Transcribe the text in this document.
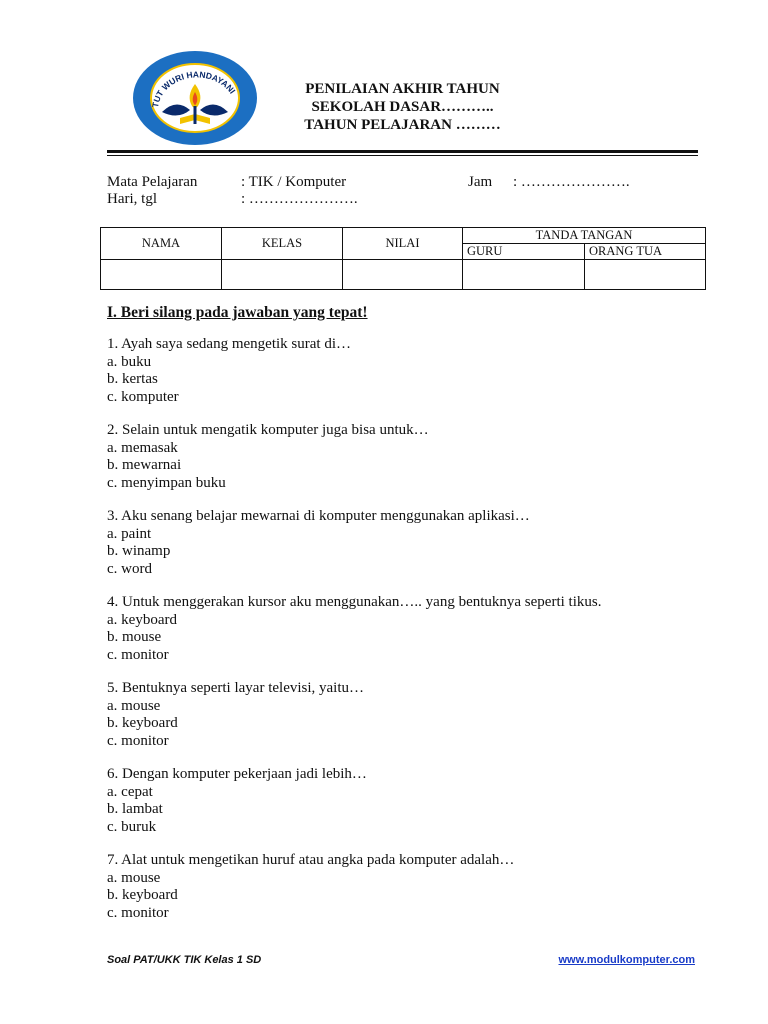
TUT WURI HANDAYANI	PENILAIAN AKHIR TAHUN
SEKOLAH DASAR………..
TAHUN PELAJARAN ………
Mata Pelajaran	: TIK / Komputer	Jam : ………………….
Hari, tgl	: ………………….
NAMA	KELAS	NILAI	TANDA TANGAN	
			GURU	ORANG TUA

I. Beri silang pada jawaban yang tepat!

1. Ayah saya sedang mengetik surat di…

a. buku

b. kertas

c. komputer

2. Selain untuk mengatik komputer juga bisa untuk…

a. memasak

b. mewarnai

c. menyimpan buku

3. Aku senang belajar mewarnai di komputer menggunakan aplikasi…

a. paint

b. winamp

c. word

4. Untuk menggerakan kursor aku menggunakan….. yang bentuknya seperti tikus.

a. keyboard

b. mouse

c. monitor

5. Bentuknya seperti layar televisi, yaitu…

a. mouse

b. keyboard

c. monitor

6. Dengan komputer pekerjaan jadi lebih…

a. cepat

b. lambat

c. buruk

7. Alat untuk mengetikan huruf atau angka pada komputer adalah…

a. mouse

b. keyboard

c. monitor

Soal PAT/UKK TIK Kelas 1 SD	www.modulkomputer.com
